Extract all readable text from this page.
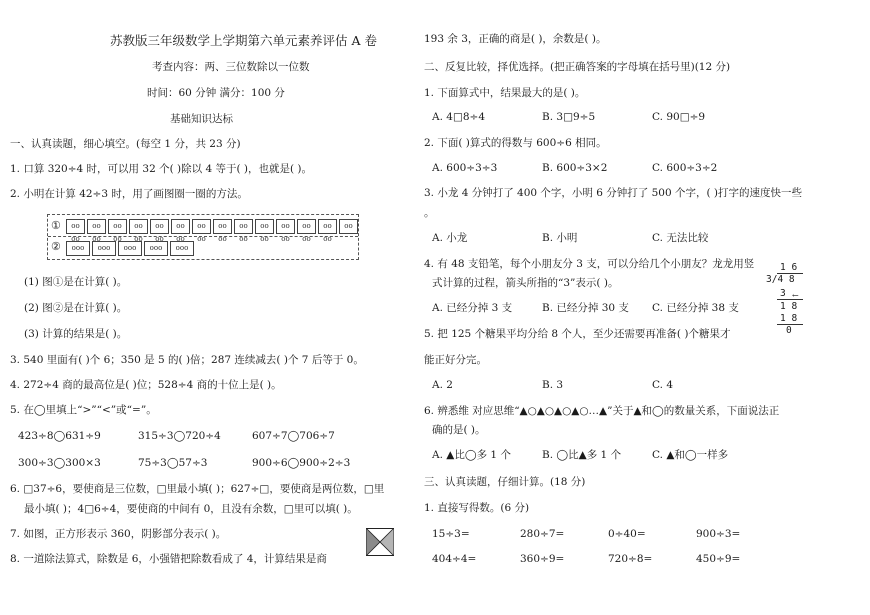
苏教版三年级数学上学期第六单元素养评估 A 卷
考查内容：两、三位数除以一位数
时间：60 分钟 满分：100 分
基础知识达标
一、认真读题，细心填空。(每空 1 分，共 23 分)
1. 口算 320÷4 时，可以用 32 个( )除以 4 等于( )，也就是( )。
2. 小明在计算 42÷3 时，用了画图圈一圈的方法。
①
②
oo oo
oo oo
oo oo
oo oo
oo oo
oo oo
oo oo
oo oo
oo oo
oo oo
oo oo
oo oo
oo oo
oo
ooo	ooo	ooo	ooo	ooo
(1) 图①是在计算( )。
(2) 图②是在计算( )。
(3) 计算的结果是( )。
3. 540 里面有( )个 6；350 是 5 的( )倍；287 连续减去( )个 7 后等于 0。
4. 272÷4 商的最高位是( )位；528÷4 商的十位上是( )。
5. 在◯里填上“>”“<”或“=”。
423÷8◯631÷9	315÷3◯720÷4	607÷7◯706÷7
300÷3◯300×3	75÷3◯57÷3	900÷6◯900÷2÷3
6. □37÷6，要使商是三位数，□里最小填( )；627÷□，要使商是两位数，□里
最小填( )；4□6÷4，要使商的中间有 0，且没有余数，□里可以填( )。
7. 如图，正方形表示 360，阴影部分表示( )。
8. 一道除法算式，除数是 6，小强错把除数看成了 4，计算结果是商
193 余 3，正确的商是( )，余数是( )。
二、反复比较，择优选择。(把正确答案的字母填在括号里)(12 分)
1. 下面算式中，结果最大的是( )。
A. 4□8÷4	B. 3□9÷5	C. 90□÷9
2. 下面( )算式的得数与 600÷6 相同。
A. 600÷3÷3	B. 600÷3×2	C. 600÷3÷2
3. 小龙 4 分钟打了 400 个字，小明 6 分钟打了 500 个字，( )打字的速度快一些
。
A. 小龙	B. 小明	C. 无法比较
4. 有 48 支铅笔，每个小朋友分 3 支，可以分给几个小朋友？龙龙用竖
式计算的过程，箭头所指的“3”表示( )。
A. 已经分掉 3 支	B. 已经分掉 30 支 C. 已经分掉 38 支
1 6
3/4 8
3 ←
1 8
1 8
0
5. 把 125 个糖果平均分给 8 个人，至少还需要再准备( )个糖果才
能正好分完。
A. 2	B. 3	C. 4
6. 辨悉维 对应思维“▲○▲○▲○▲○…▲”关于▲和◯的数量关系，下面说法正
确的是( )。
A. ▲比◯多 1 个	B. ◯比▲多 1 个	C. ▲和◯一样多
三、认真读题，仔细计算。(18 分)
1. 直接写得数。(6 分)
15÷3=	280÷7=	0÷40=	900÷3=
404÷4=	360÷9=	720÷8=	450÷9=
